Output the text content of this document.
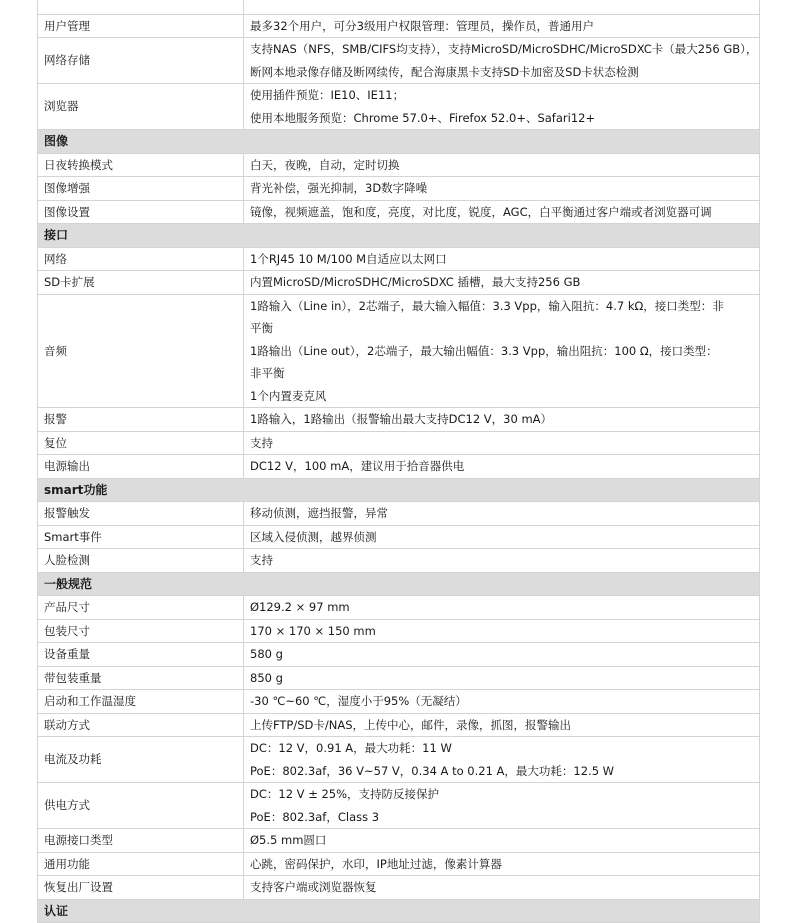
用户管理	最多32个用户，可分3级用户权限管理：管理员，操作员，普通用户

网络存储	支持NAS（NFS，SMB/CIFS均支持），支持MicroSD/MicroSDHC/MicroSDXC卡（最大256 GB），
断网本地录像存储及断网续传，配合海康黑卡支持SD卡加密及SD卡状态检测

浏览器	使用插件预览：IE10、IE11；
使用本地服务预览：Chrome 57.0+、Firefox 52.0+、Safari12+

图像	
日夜转换模式	白天，夜晚，自动，定时切换

图像增强	背光补偿，强光抑制，3D数字降噪

图像设置	镜像，视频遮盖，饱和度，亮度，对比度，锐度，AGC，白平衡通过客户端或者浏览器可调

接口	
网络	1个RJ45 10 M/100 M自适应以太网口

SD卡扩展	内置MicroSD/MicroSDHC/MicroSDXC 插槽，最大支持256 GB

音频	1路输入（Line in），2芯端子，最大输入幅值：3.3 Vpp，输入阻抗：4.7 kΩ，接口类型：非
平衡
1路输出（Line out），2芯端子，最大输出幅值：3.3 Vpp，输出阻抗：100 Ω，接口类型：
非平衡
1个内置麦克风

报警	1路输入，1路输出（报警输出最大支持DC12 V，30 mA）

复位	支持

电源输出	DC12 V，100 mA，建议用于拾音器供电

smart功能	
报警触发	移动侦测，遮挡报警，异常

Smart事件	区域入侵侦测，越界侦测

人脸检测	支持

一般规范	
产品尺寸	Ø129.2 × 97 mm

包装尺寸	170 × 170 × 150 mm

设备重量	580 g

带包装重量	850 g

启动和工作温湿度	-30 ℃~60 ℃，湿度小于95%（无凝结）

联动方式	上传FTP/SD卡/NAS，上传中心，邮件，录像，抓图，报警输出

电流及功耗	DC：12 V，0.91 A，最大功耗：11 W
PoE：802.3af，36 V~57 V，0.34 A to 0.21 A，最大功耗：12.5 W

供电方式	DC：12 V ± 25%，支持防反接保护
PoE：802.3af，Class 3

电源接口类型	Ø5.5 mm圆口

通用功能	心跳，密码保护，水印，IP地址过滤，像素计算器

恢复出厂设置	支持客户端或浏览器恢复

认证	
